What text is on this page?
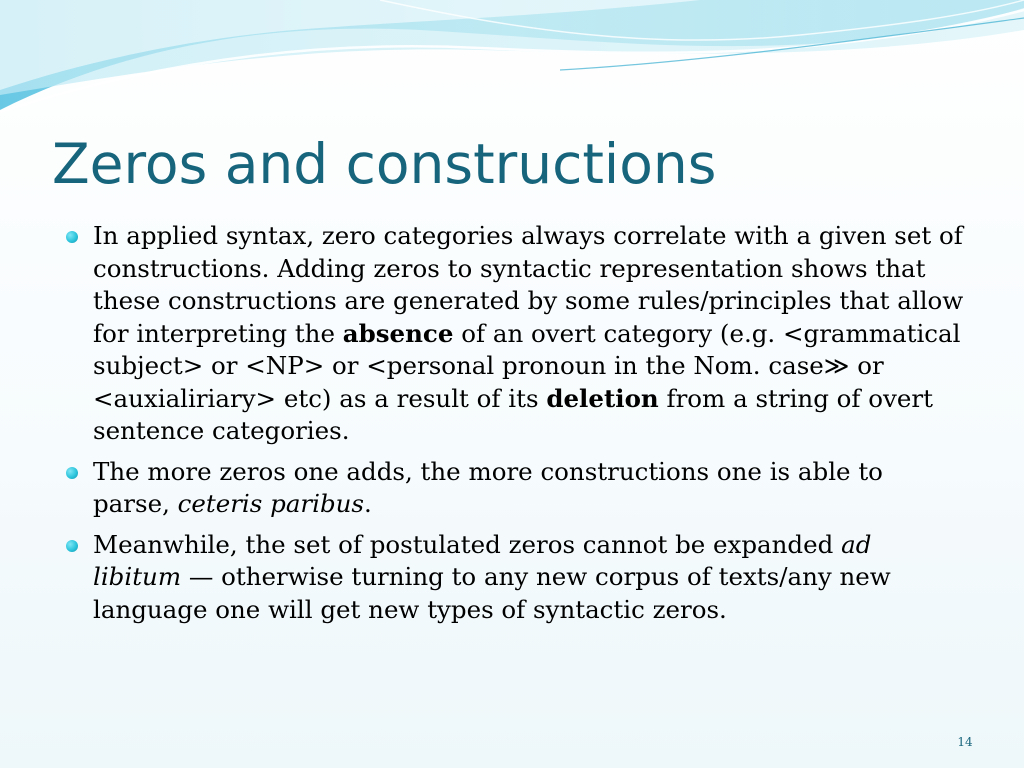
Zeros and constructions
In applied syntax, zero categories always correlate with a given set of constructions. Adding zeros to syntactic representation shows that these constructions are generated by some rules/principles that allow for interpreting the absence of an overt category (e.g. <grammatical subject> or <NP> or <personal pronoun in the Nom. case≫ or <auxialiriary> etc) as a result of its deletion from a string of overt sentence categories.
The more zeros one adds, the more constructions one is able to parse, ceteris paribus.
Meanwhile, the set of postulated zeros cannot be expanded ad libitum — otherwise turning to any new corpus of texts/any new language one will get new types of syntactic zeros.
14
